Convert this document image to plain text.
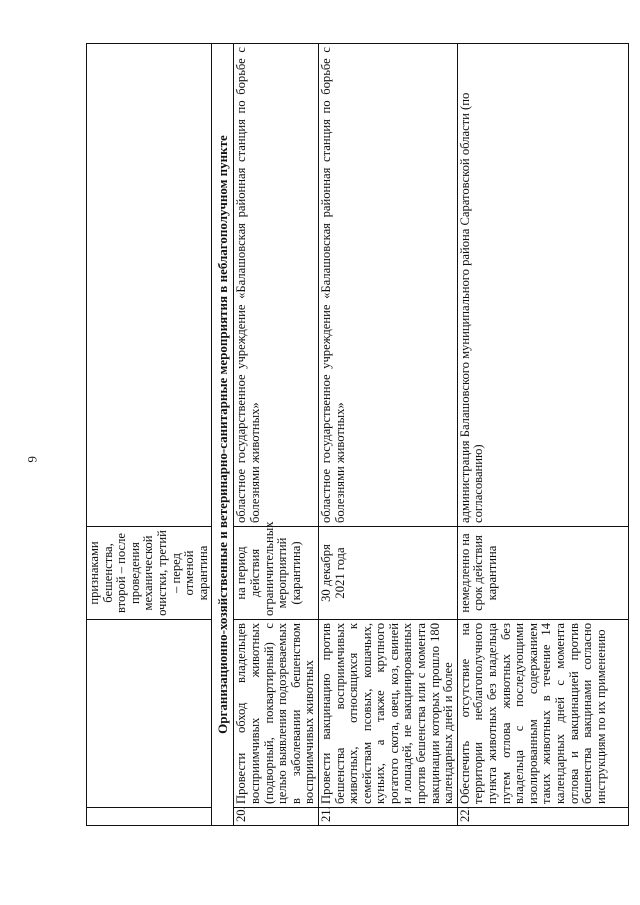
6
		признаками бешенства, второй – после проведения механической очистки, третий – перед отменой карантина	
Организационно-хозяйственные и ветеринарно-санитарные мероприятия в неблагополучном пункте			
20.	Провести обход владельцев восприимчивых животных (подворный, поквартирный) с целью выявления подозреваемых в заболевании бешенством восприимчивых животных	на период действия ограничительных мероприятий (карантина)	областное государственное учреждение «Балашовская районная станция по борьбе с болезнями животных»
21.	Провести вакцинацию против бешенства восприимчивых животных, относящихся к семействам псовых, кошачьих, куньих, а также крупного рогатого скота, овец, коз, свиней и лошадей, не вакцинированных против бешенства или с момента вакцинации которых прошло 180 календарных дней и более	30 декабря 2021 года	областное государственное учреждение «Балашовская районная станция по борьбе с болезнями животных»
22.	Обеспечить отсутствие на территории неблагополучного пункта животных без владельца путем отлова животных без владельца с последующими изолированным содержанием таких животных в течение 14 календарных дней с момента отлова и вакцинацией против бешенства вакцинами согласно инструкциям по их применению	немедленно на срок действия карантина	администрация Балашовского муниципального района Саратовской области (по согласованию)
